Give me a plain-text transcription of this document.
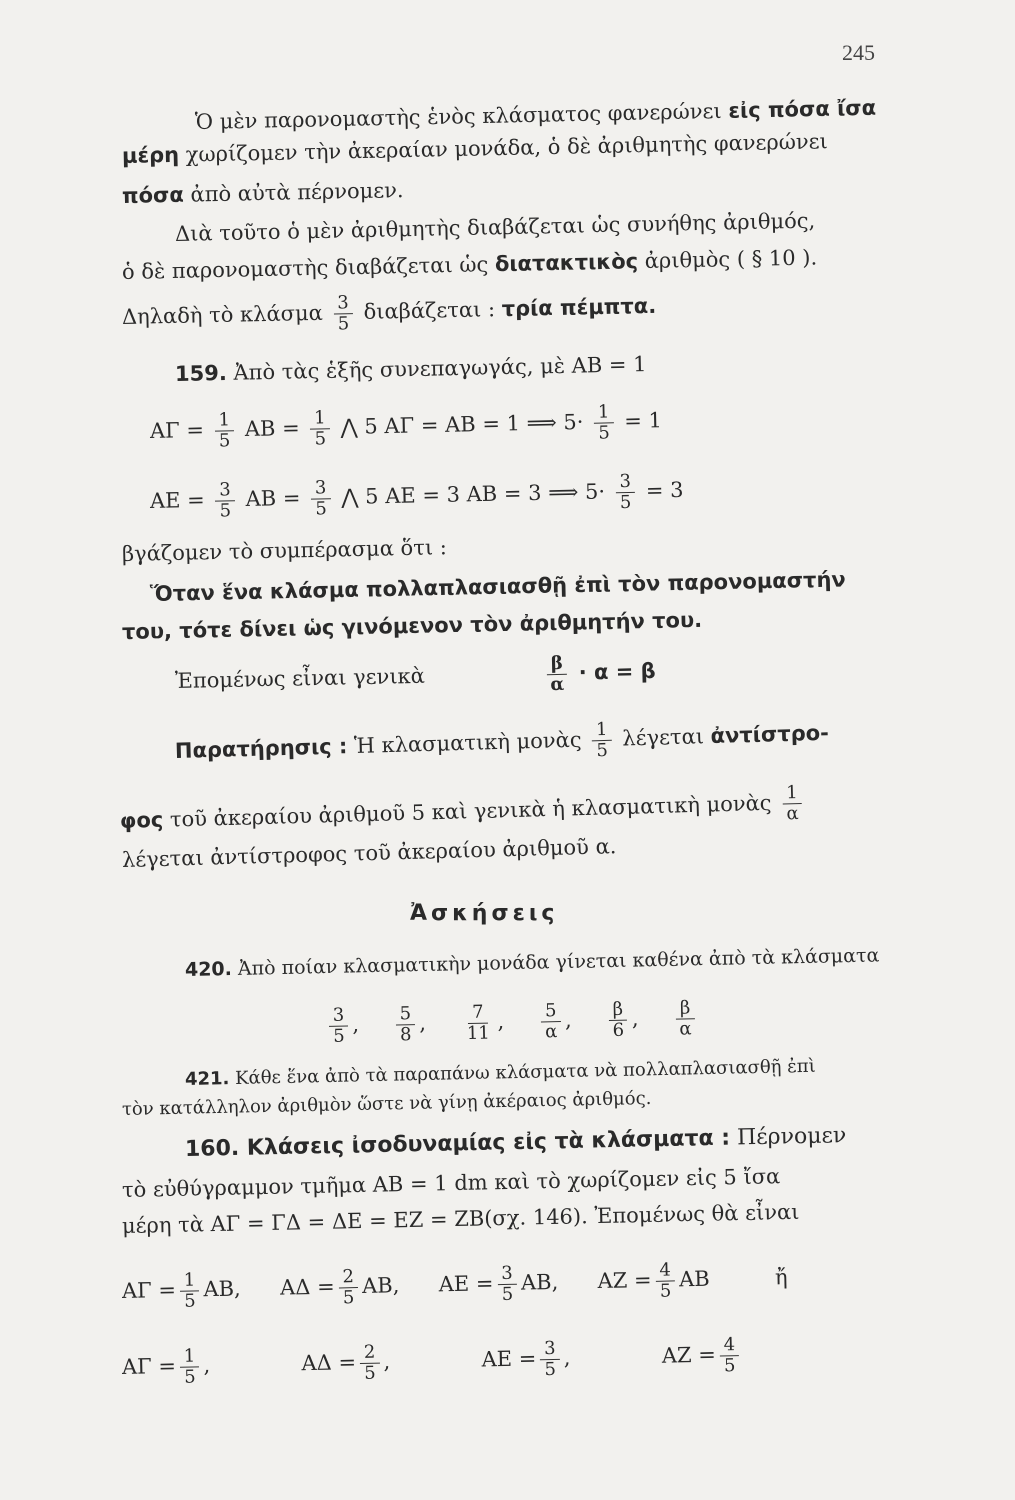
245
Ὁ μὲν παρονομαστὴς ἑνὸς κλάσματος φανερώνει εἰς πόσα ἴσα
μέρη χωρίζομεν τὴν ἀκεραίαν μονάδα, ὁ δὲ ἀριθμητὴς φανερώνει
πόσα ἀπὸ αὐτὰ πέρνομεν.
Διὰ τοῦτο ὁ μὲν ἀριθμητὴς διαβάζεται ὡς συνήθης ἀριθμός,
ὁ δὲ παρονομαστὴς διαβάζεται ὡς διατακτικὸς ἀριθμὸς ( § 10 ).
Δηλαδὴ τὸ κλάσμα $\frac{3}{5}$ διαβάζεται : τρία πέμπτα.
159. Ἀπὸ τὰς ἑξῆς συνεπαγωγάς, μὲ ΑΒ = 1
$A\Gamma = \frac{1}{5}$ $AB = \frac{1}{5}$ ⋀ 5 ΑΓ = ΑΒ = 1 ⟹ $5\cdot \frac{1}{5} = 1$
$AE = \frac{3}{5}$ $AB = \frac{3}{5}$ ⋀ 5 ΑΕ = 3 ΑΒ = 3 ⟹ $5\cdot \frac{3}{5} = 3$
βγάζομεν τὸ συμπέρασμα ὅτι :
Ὅταν ἕνα κλάσμα πολλαπλασιασθῇ ἐπὶ τὸν παρονομαστήν
του, τότε δίνει ὡς γινόμενον τὸν ἀριθμητήν του.
Ἐπομένως εἶναι γενικὰ	$\frac{\beta}{\alpha} \cdot \alpha = \beta$
Παρατήρησις : Ἡ κλασματικὴ μονὰς $\frac{1}{5}$ λέγεται ἀντίστρο-
φος τοῦ ἀκεραίου ἀριθμοῦ 5 καὶ γενικὰ ἡ κλασματικὴ μονὰς $\frac{1}{\alpha}$
λέγεται ἀντίστροφος τοῦ ἀκεραίου ἀριθμοῦ α.
Ἀσκήσεις
420. Ἀπὸ ποίαν κλασματικὴν μονάδα γίνεται καθένα ἀπὸ τὰ κλάσματα
$\frac{3}{5}$ , $\frac{5}{8}$ , $\frac{7}{11}$ , $\frac{5}{\alpha}$ , $\frac{\beta}{6}$ , $\frac{\beta}{\alpha}$
421. Κάθε ἕνα ἀπὸ τὰ παραπάνω κλάσματα νὰ πολλαπλασιασθῇ ἐπὶ
τὸν κατάλληλον ἀριθμὸν ὥστε νὰ γίνῃ ἀκέραιος ἀριθμός.
160. Κλάσεις ἰσοδυναμίας εἰς τὰ κλάσματα : Πέρνομεν
τὸ εὐθύγραμμον τμῆμα ΑΒ = 1 dm καὶ τὸ χωρίζομεν εἰς 5 ἴσα
μέρη τὰ ΑΓ = ΓΔ = ΔΕ = ΕΖ = ΖΒ(σχ. 146). Ἐπομένως θὰ εἶναι
$A\Gamma = \frac{1}{5} AB$, $A\Delta = \frac{2}{5} AB$, $AE = \frac{3}{5} AB$, $AZ = \frac{4}{5}$ ΑΒ	ἤ
$A\Gamma = \frac{1}{5}$ ,	$A\Delta = \frac{2}{5}$ ,	$AE = \frac{3}{5}$ ,	$AZ = \frac{4}{5}$
